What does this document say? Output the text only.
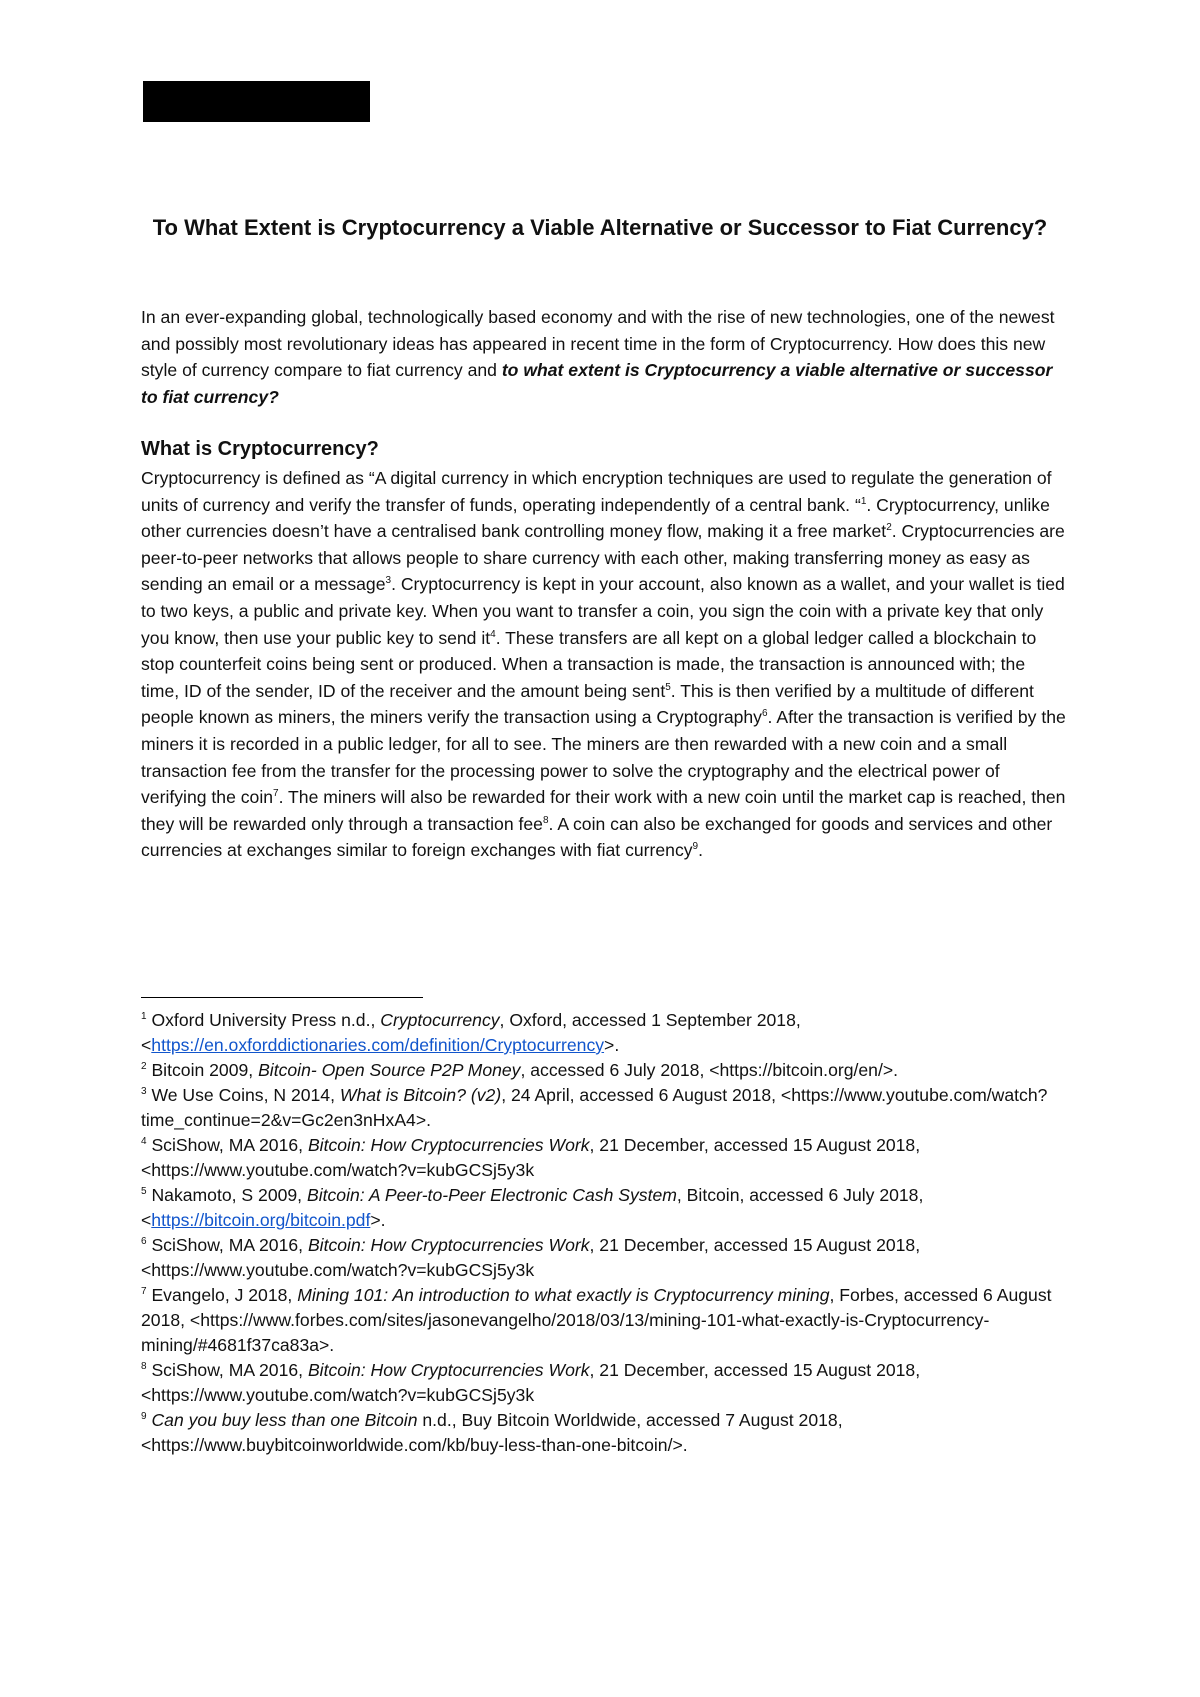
To What Extent is Cryptocurrency a Viable Alternative or Successor to Fiat Currency?

In an ever-expanding global, technologically based economy and with the rise of new technologies, one of the newest and possibly most revolutionary ideas has appeared in recent time in the form of Cryptocurrency. How does this new style of currency compare to fiat currency and to what extent is Cryptocurrency a viable alternative or successor to fiat currency?

What is Cryptocurrency?

Cryptocurrency is defined as “A digital currency in which encryption techniques are used to regulate the generation of units of currency and verify the transfer of funds, operating independently of a central bank. “$^1$. Cryptocurrency, unlike other currencies doesn’t have a centralised bank controlling money flow, making it a free market$^2$. Cryptocurrencies are peer-to-peer networks that allows people to share currency with each other, making transferring money as easy as sending an email or a message$^3$. Cryptocurrency is kept in your account, also known as a wallet, and your wallet is tied to two keys, a public and private key. When you want to transfer a coin, you sign the coin with a private key that only you know, then use your public key to send $it^4$. These transfers are all kept on a global ledger called a blockchain to stop counterfeit coins being sent or produced. When a transaction is made, the transaction is announced with; the time, ID of the sender, ID of the receiver and the amount being sent$^5$. This is then verified by a multitude of different people known as miners, the miners verify the transaction using a Cryptography$^6$. After the transaction is verified by the miners it is recorded in a public ledger, for all to see. The miners are then rewarded with a new coin and a small transaction fee from the transfer for the processing power to solve the cryptography and the electrical power of verifying the coin$^7$. The miners will also be rewarded for their work with a new coin until the market cap is reached, then they will be rewarded only through a transaction fee$^8$. A coin can also be exchanged for goods and services and other currencies at exchanges similar to foreign exchanges with fiat currency$^9$.

$^1$ Oxford University Press n.d., Cryptocurrency, Oxford, accessed 1 September 2018, <https://en.oxforddictionaries.com/definition/Cryptocurrency>.
$^2$ Bitcoin 2009, Bitcoin- Open Source P2P Money, accessed 6 July 2018, <https://bitcoin.org/en/>.
$^3$ We Use Coins, N 2014, What is Bitcoin? (v2), 24 April, accessed 6 August 2018, <https://www.youtube.com/watch?time_continue=2&v=Gc2en3nHxA4>.
$^4$ SciShow, MA 2016, Bitcoin: How Cryptocurrencies Work, 21 December, accessed 15 August 2018, <https://www.youtube.com/watch?v=kubGCSj5y3k
$^5$ Nakamoto, S 2009, Bitcoin: A Peer-to-Peer Electronic Cash System, Bitcoin, accessed 6 July 2018, <https://bitcoin.org/bitcoin.pdf>.
$^6$ SciShow, MA 2016, Bitcoin: How Cryptocurrencies Work, 21 December, accessed 15 August 2018, <https://www.youtube.com/watch?v=kubGCSj5y3k
$^7$ Evangelo, J 2018, Mining 101: An introduction to what exactly is Cryptocurrency mining, Forbes, accessed 6 August 2018, <https://www.forbes.com/sites/jasonevangelho/2018/03/13/mining-101-what-exactly-is-Cryptocurrency-mining/#4681f37ca83a>.
$^8$ SciShow, MA 2016, Bitcoin: How Cryptocurrencies Work, 21 December, accessed 15 August 2018, <https://www.youtube.com/watch?v=kubGCSj5y3k
$^9$ Can you buy less than one Bitcoin n.d., Buy Bitcoin Worldwide, accessed 7 August 2018, <https://www.buybitcoinworldwide.com/kb/buy-less-than-one-bitcoin/>.
